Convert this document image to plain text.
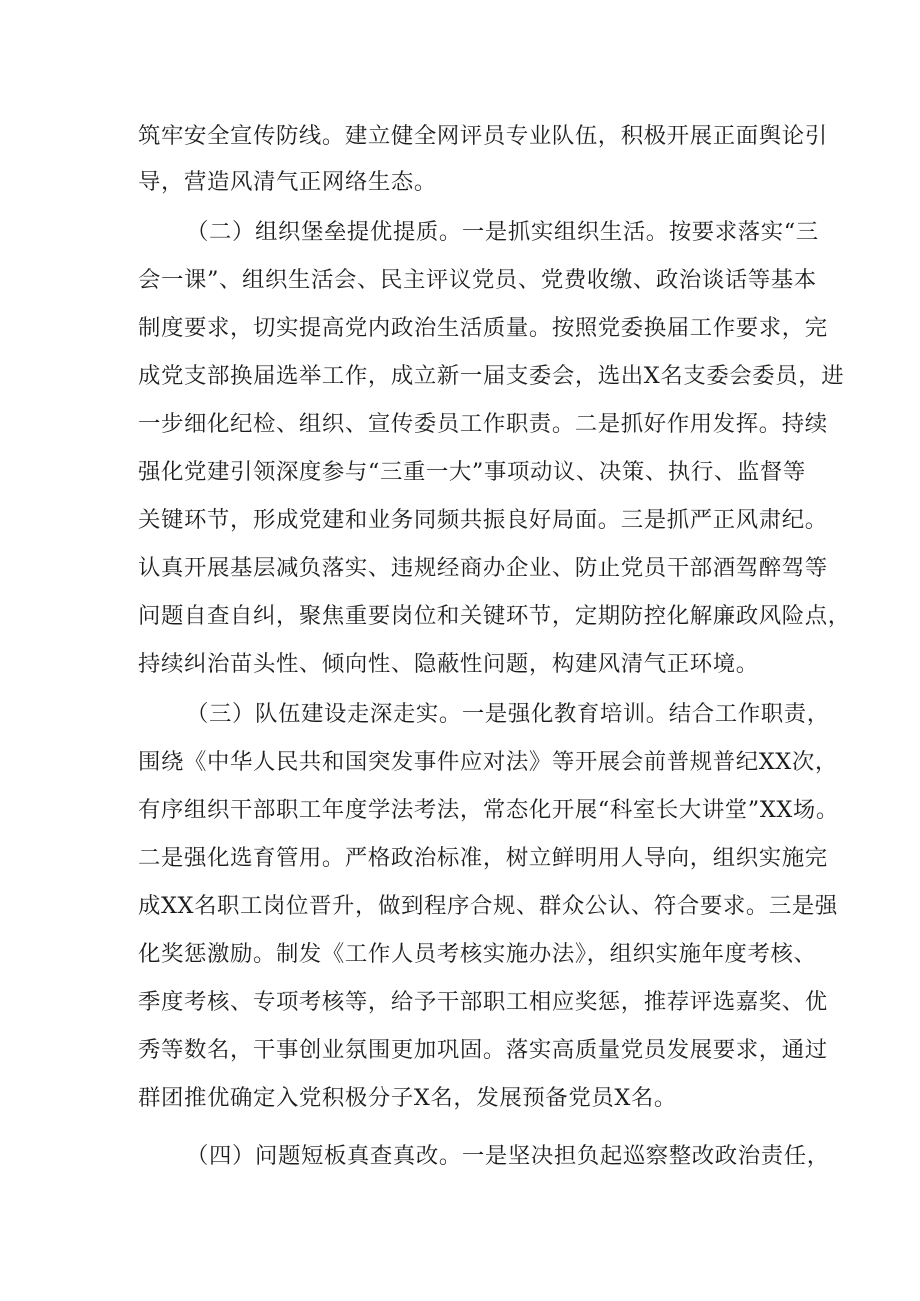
筑牢安全宣传防线。建立健全网评员专业队伍，积极开展正面舆论引
导，营造风清气正网络生态。
（二）组织堡垒提优提质。一是抓实组织生活。按要求落实“三
会一课”、组织生活会、民主评议党员、党费收缴、政治谈话等基本
制度要求，切实提高党内政治生活质量。按照党委换届工作要求，完
成党支部换届选举工作，成立新一届支委会，选出X名支委会委员，进
一步细化纪检、组织、宣传委员工作职责。二是抓好作用发挥。持续
强化党建引领深度参与“三重一大”事项动议、决策、执行、监督等
关键环节，形成党建和业务同频共振良好局面。三是抓严正风肃纪。
认真开展基层减负落实、违规经商办企业、防止党员干部酒驾醉驾等
问题自查自纠，聚焦重要岗位和关键环节，定期防控化解廉政风险点，
持续纠治苗头性、倾向性、隐蔽性问题，构建风清气正环境。
（三）队伍建设走深走实。一是强化教育培训。结合工作职责，
围绕《中华人民共和国突发事件应对法》等开展会前普规普纪XX次，
有序组织干部职工年度学法考法，常态化开展“科室长大讲堂”XX场。
二是强化选育管用。严格政治标准，树立鲜明用人导向，组织实施完
成XX名职工岗位晋升，做到程序合规、群众公认、符合要求。三是强
化奖惩激励。制发《工作人员考核实施办法》，组织实施年度考核、
季度考核、专项考核等，给予干部职工相应奖惩，推荐评选嘉奖、优
秀等数名，干事创业氛围更加巩固。落实高质量党员发展要求，通过
群团推优确定入党积极分子X名，发展预备党员X名。
（四）问题短板真查真改。一是坚决担负起巡察整改政治责任，
